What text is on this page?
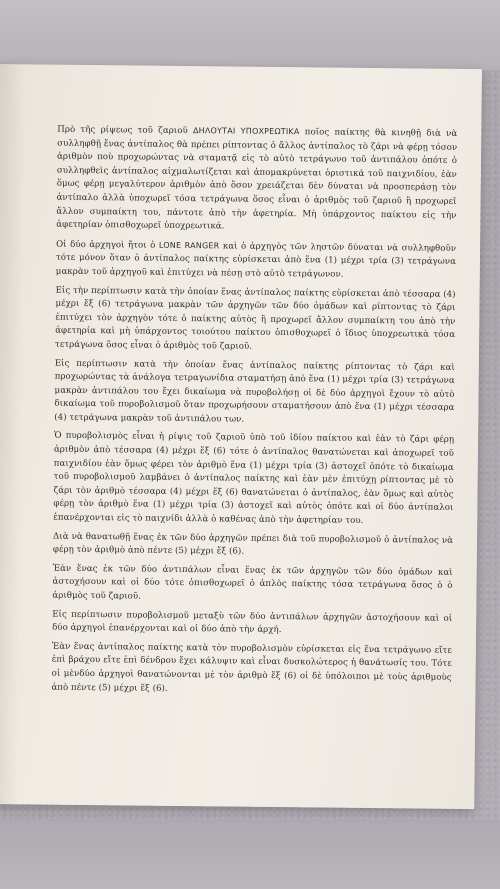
Πρὸ τῆς ρίψεως τοῦ ζαριοῦ ΔΗΛΟΥΤΑΙ ΥΠΟΧΡΕΩΤΙΚΑ ποῖος παίκτης θὰ κινηθῇ διὰ νὰ συλληφθῇ ἕνας ἀντίπαλος θὰ πρέπει ρίπτοντας ὁ ἄλλος ἀντίπαλος τὸ ζάρι νὰ φέρῃ τόσον ἀριθμὸν ποὺ προχωρώντας νὰ σταματᾷ εἰς τὸ αὐτὸ τετράγωνο τοῦ ἀντιπάλου ὁπότε ὁ συλληφθεὶς ἀντίπαλος αἰχμαλωτίζεται καὶ ἀπομακρύνεται ὁριστικά τοῦ παιχνιδίου, ἐὰν ὅμως φέρῃ μεγαλύτερον ἀριθμὸν ἀπὸ ὅσον χρειάζεται δὲν δύναται νὰ προσπεράσῃ τὸν ἀντίπαλο ἀλλὰ ὑποχωρεῖ τόσα τετράγωνα ὅσος εἶναι ὁ ἀριθμὸς τοῦ ζαριοῦ ἢ προχωρεῖ ἄλλον συμπαίκτη του, πάντοτε ἀπὸ τὴν ἀφετηρία. Μὴ ὑπάρχοντος παίκτου εἰς τὴν ἀφετηρίαν ὀπισθοχωρεῖ ὑποχρεωτικά.

Οἱ δύο ἀρχηγοὶ ἤτοι ὁ LONE RANGER καὶ ὁ ἀρχηγὸς τῶν ληστῶν δύναται νὰ συλληφθοῦν τότε μόνον ὅταν ὁ ἀντίπαλος παίκτης εὑρίσκεται ἀπὸ ἕνα (1) μέχρι τρία (3) τετράγωνα μακρὰν τοῦ ἀρχηγοῦ καὶ ἐπιτύχει νὰ πέσῃ στὸ αὐτὸ τετράγωνον.

Εἰς τὴν περίπτωσιν κατὰ τὴν ὁποίαν ἕνας ἀντίπαλος παίκτης εὑρίσκεται ἀπὸ τέσσαρα (4) μέχρι ἕξ (6) τετράγωνα μακρὰν τῶν ἀρχηγῶν τῶν δύο ὁμάδων καὶ ρίπτοντας τὸ ζάρι ἐπιτύχει τὸν ἀρχηγὸν τότε ὁ παίκτης αὐτὸς ἢ προχωρεῖ ἄλλον συμπαίκτη του ἀπὸ τὴν ἀφετηρία καὶ μὴ ὑπάρχοντος τοιούτου παίκτου ὀπισθοχωρεῖ ὁ ἴδιος ὑποχρεωτικὰ τόσα τετράγωνα ὅσος εἶναι ὁ ἀριθμὸς τοῦ ζαριοῦ.

Εἰς περίπτωσιν κατὰ τὴν ὁποίαν ἕνας ἀντίπαλος παίκτης ρίπτοντας τὸ ζάρι καὶ προχωρώντας τὰ ἀνάλογα τετραγωνίδια σταματήσῃ ἀπὸ ἕνα (1) μέχρι τρία (3) τετράγωνα μακρὰν ἀντιπάλου του ἔχει δικαίωμα νὰ πυροβολήσῃ οἱ δὲ δύο ἀρχηγοὶ ἔχουν τὸ αὐτὸ δικαίωμα τοῦ πυροβολισμοῦ ὅταν προχωρήσουν σταματήσουν ἀπὸ ἕνα (1) μέχρι τέσσαρα (4) τετράγωνα μακρὰν τοῦ ἀντιπάλου των.

Ὁ πυροβολισμὸς εἶναι ἡ ρίψις τοῦ ζαριοῦ ὑπὸ τοῦ ἰδίου παίκτου καὶ ἐὰν τὸ ζάρι φέρῃ ἀριθμὸν ἀπὸ τέσσαρα (4) μέχρι ἕξ (6) τότε ὁ ἀντίπαλος θανατώνεται καὶ ἀποχωρεῖ τοῦ παιχνιδίου ἐὰν ὅμως φέρει τὸν ἀριθμὸ ἕνα (1) μέχρι τρία (3) ἀστοχεῖ ὁπότε τὸ δικαίωμα τοῦ πυροβολισμοῦ λαμβάνει ὁ ἀντίπαλος παίκτης καὶ ἐὰν μὲν ἐπιτύχῃ ρίπτοντας μὲ τὸ ζάρι τὸν ἀριθμὸ τέσσαρα (4) μέχρι ἕξ (6) θανατώνεται ὁ ἀντίπαλος, ἐὰν ὅμως καὶ αὐτὸς φέρῃ τὸν ἀριθμὸ ἕνα (1) μέχρι τρία (3) ἀστοχεῖ καὶ αὐτὸς ὁπότε καὶ οἱ δύο ἀντίπαλοι ἐπανέρχονται εἰς τὸ παιχνίδι ἀλλὰ ὁ καθένας ἀπὸ τὴν ἀφετηρίαν του.

Διὰ νὰ θανατωθῇ ἕνας ἐκ τῶν δύο ἀρχηγῶν πρέπει διὰ τοῦ πυροβολισμοῦ ὁ ἀντίπαλος νὰ φέρῃ τὸν ἀριθμὸ ἀπὸ πέντε (5) μέχρι ἕξ (6).

Ἐὰν ἕνας ἐκ τῶν δύο ἀντιπάλων εἶναι ἕνας ἐκ τῶν ἀρχηγῶν τῶν δύο ὁμάδων καὶ ἀστοχήσουν καὶ οἱ δύο τότε ὀπισθοχωρεῖ ὁ ἁπλὸς παίκτης τόσα τετράγωνα ὅσος ὁ ὁ ἀριθμὸς τοῦ ζαριοῦ.

Εἰς περίπτωσιν πυροβολισμοῦ μεταξὺ τῶν δύο ἀντιπάλων ἀρχηγῶν ἀστοχήσουν καὶ οἱ δύο ἀρχηγοὶ ἐπανέρχονται καὶ οἱ δύο ἀπὸ τὴν ἀρχή.

Ἐὰν ἕνας ἀντίπαλος παίκτης κατὰ τὸν πυροβολισμὸν εὑρίσκεται εἰς ἕνα τετράγωνο εἴτε ἐπὶ βράχου εἴτε ἐπὶ δένδρου ἔχει κάλυψιν καὶ εἶναι δυσκολώτερος ἡ θανάτωσίς του. Τότε οἱ μὲνδύο ἀρχηγοὶ θανατώνονται μὲ τὸν ἀριθμὸ ἕξ (6) οἱ δὲ ὑπόλοιποι μὲ τοὺς ἀριθμοὺς ἀπὸ πέντε (5) μέχρι ἕξ (6).
